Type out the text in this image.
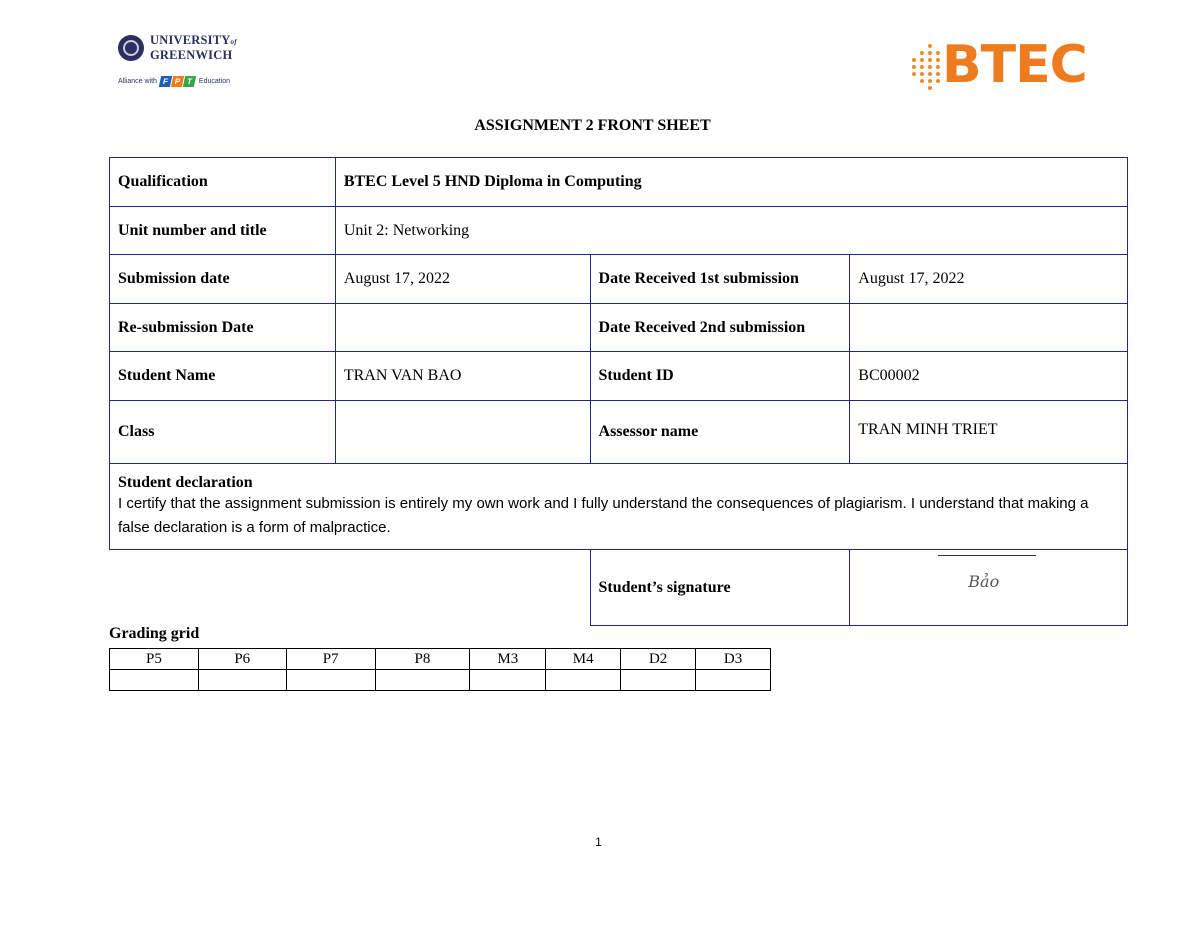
UNIVERSITYof
GREENWICH
Alliance with F P T Education	BTEC
ASSIGNMENT 2 FRONT SHEET
Qualification	BTEC Level 5 HND Diploma in Computing		
Unit number and title	Unit 2: Networking		
Submission date	August 17, 2022	Date Received 1st submission	August 17, 2022
Re-submission Date		Date Received 2nd submission	
Student Name	TRAN VAN BAO	Student ID	BC00002
Class		Assessor name	TRAN MINH TRIET

Student declaration
I certify that the assignment submission is entirely my own work and I fully understand the consequences of plagiarism. I understand that making a false declaration is a form of malpractice.			

		Student’s signature	Bảo
Grading grid
P5	P6	P7	P8	M3	M4	D2	D3

1
